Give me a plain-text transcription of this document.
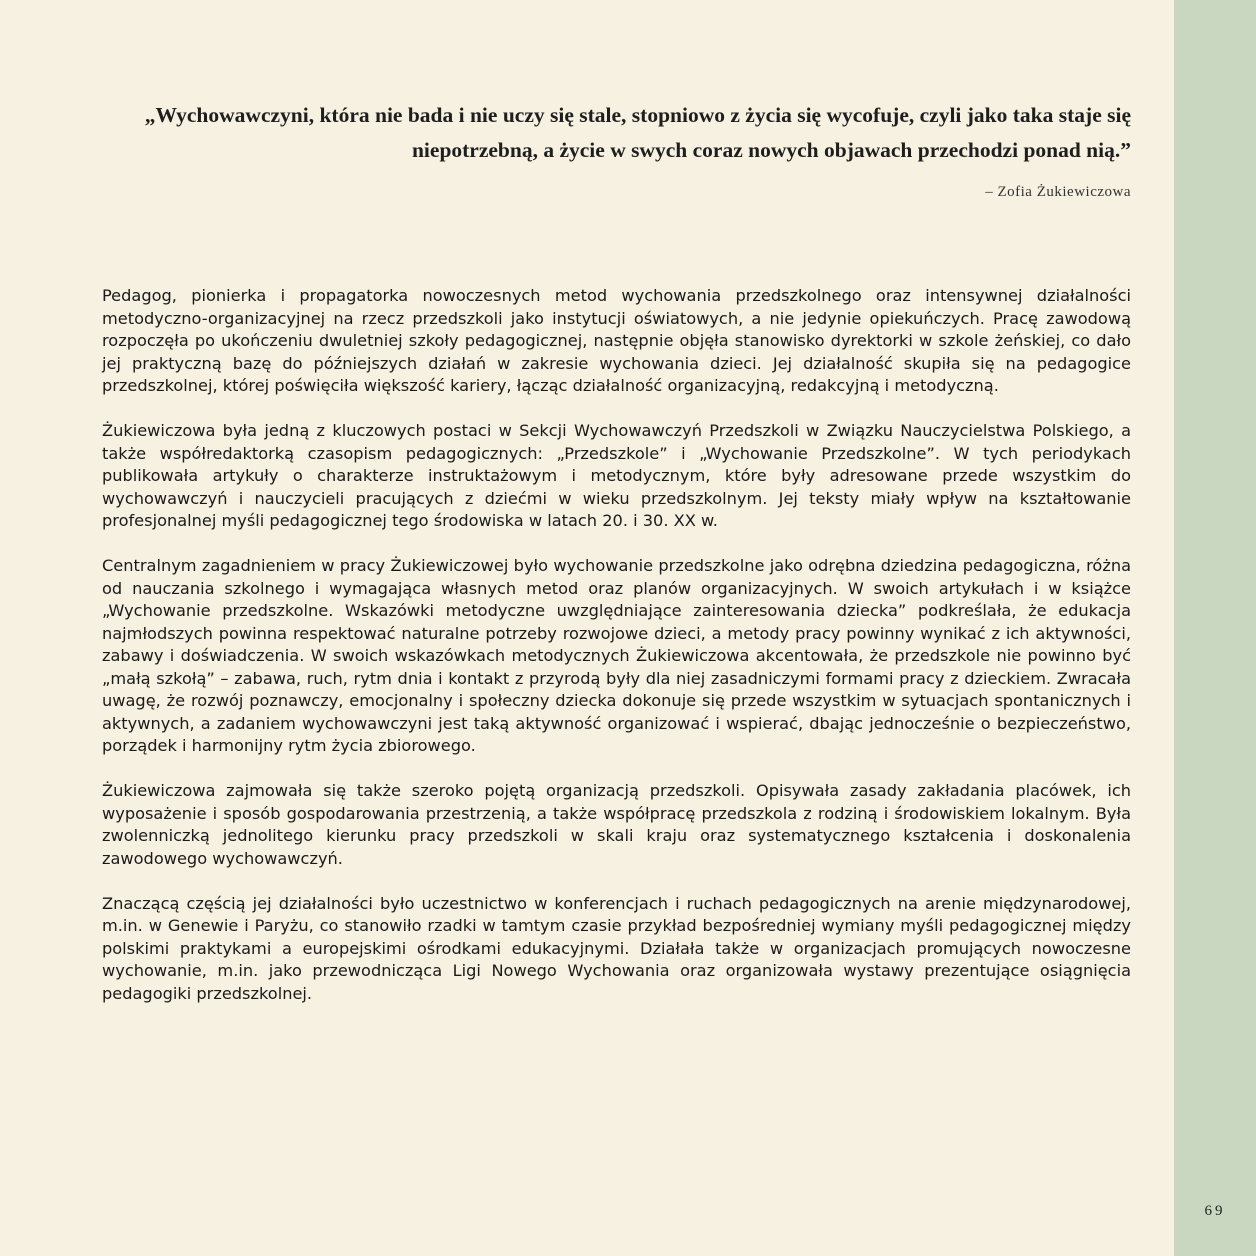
„Wychowawczyni, która nie bada i nie uczy się stale, stopniowo z życia się wycofuje, czyli jako taka staje się niepotrzebną, a życie w swych coraz nowych objawach przechodzi ponad nią.”
– Zofia Żukiewiczowa

Pedagog, pionierka i propagatorka nowoczesnych metod wychowania przedszkolnego oraz intensywnej działalności metodyczno-organizacyjnej na rzecz przedszkoli jako instytucji oświatowych, a nie jedynie opiekuńczych. Pracę zawodową rozpoczęła po ukończeniu dwuletniej szkoły pedagogicznej, następnie objęła stanowisko dyrektorki w szkole żeńskiej, co dało jej praktyczną bazę do późniejszych działań w zakresie wychowania dzieci. Jej działalność skupiła się na pedagogice przedszkolnej, której poświęciła większość kariery, łącząc działalność organizacyjną, redakcyjną i metodyczną.

Żukiewiczowa była jedną z kluczowych postaci w Sekcji Wychowawczyń Przedszkoli w Związku Nauczycielstwa Polskiego, a także współredaktorką czasopism pedagogicznych: „Przedszkole” i „Wychowanie Przedszkolne”. W tych periodykach publikowała artykuły o charakterze instruktażowym i metodycznym, które były adresowane przede wszystkim do wychowawczyń i nauczycieli pracujących z dziećmi w wieku przedszkolnym. Jej teksty miały wpływ na kształtowanie profesjonalnej myśli pedagogicznej tego środowiska w latach 20. i 30. XX w.

Centralnym zagadnieniem w pracy Żukiewiczowej było wychowanie przedszkolne jako odrębna dziedzina pedagogiczna, różna od nauczania szkolnego i wymagająca własnych metod oraz planów organizacyjnych. W swoich artykułach i w książce „Wychowanie przedszkolne. Wskazówki metodyczne uwzględniające zainteresowania dziecka” podkreślała, że edukacja najmłodszych powinna respektować naturalne potrzeby rozwojowe dzieci, a metody pracy powinny wynikać z ich aktywności, zabawy i doświadczenia. W swoich wskazówkach metodycznych Żukiewiczowa akcentowała, że przedszkole nie powinno być „małą szkołą” – zabawa, ruch, rytm dnia i kontakt z przyrodą były dla niej zasadniczymi formami pracy z dzieckiem. Zwracała uwagę, że rozwój poznawczy, emocjonalny i społeczny dziecka dokonuje się przede wszystkim w sytuacjach spontanicznych i aktywnych, a zadaniem wychowawczyni jest taką aktywność organizować i wspierać, dbając jednocześnie o bezpieczeństwo, porządek i harmonijny rytm życia zbiorowego.

Żukiewiczowa zajmowała się także szeroko pojętą organizacją przedszkoli. Opisywała zasady zakładania placówek, ich wyposażenie i sposób gospodarowania przestrzenią, a także współpracę przedszkola z rodziną i środowiskiem lokalnym. Była zwolenniczką jednolitego kierunku pracy przedszkoli w skali kraju oraz systematycznego kształcenia i doskonalenia zawodowego wychowawczyń.

Znaczącą częścią jej działalności było uczestnictwo w konferencjach i ruchach pedagogicznych na arenie międzynarodowej, m.in. w Genewie i Paryżu, co stanowiło rzadki w tamtym czasie przykład bezpośredniej wymiany myśli pedagogicznej między polskimi praktykami a europejskimi ośrodkami edukacyjnymi. Działała także w organizacjach promujących nowoczesne wychowanie, m.in. jako przewodnicząca Ligi Nowego Wychowania oraz organizowała wystawy prezentujące osiągnięcia pedagogiki przedszkolnej.

69
